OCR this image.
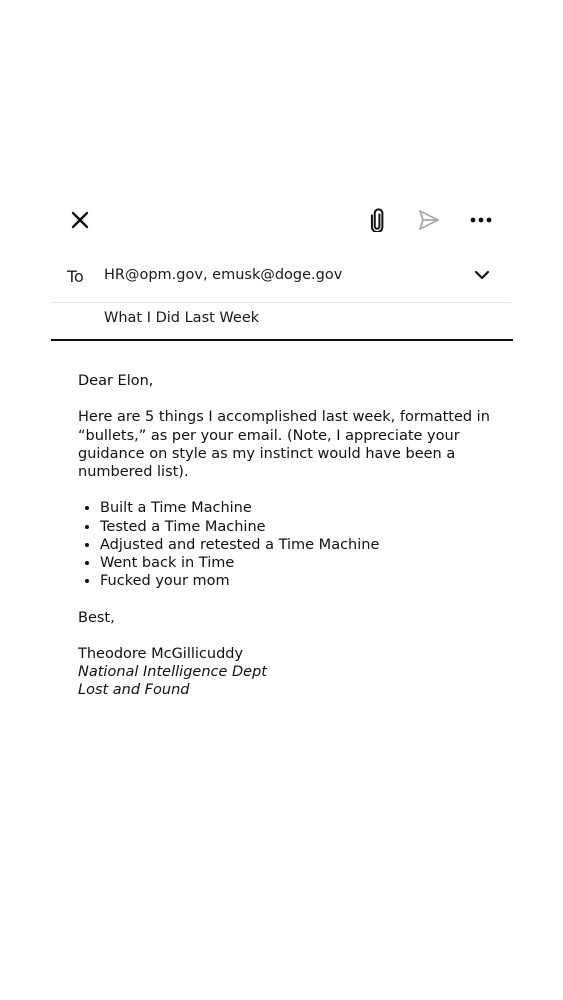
To HR@opm.gov, emusk@doge.gov
What I Did Last Week

Dear Elon,

Here are 5 things I accomplished last week, formatted in “bullets,” as per your email. (Note, I appreciate your guidance on style as my instinct would have been a numbered list).

• Built a Time Machine
• Tested a Time Machine
• Adjusted and retested a Time Machine
• Went back in Time
• Fucked your mom

Best,

Theodore McGillicuddy

National Intelligence Dept

Lost and Found
